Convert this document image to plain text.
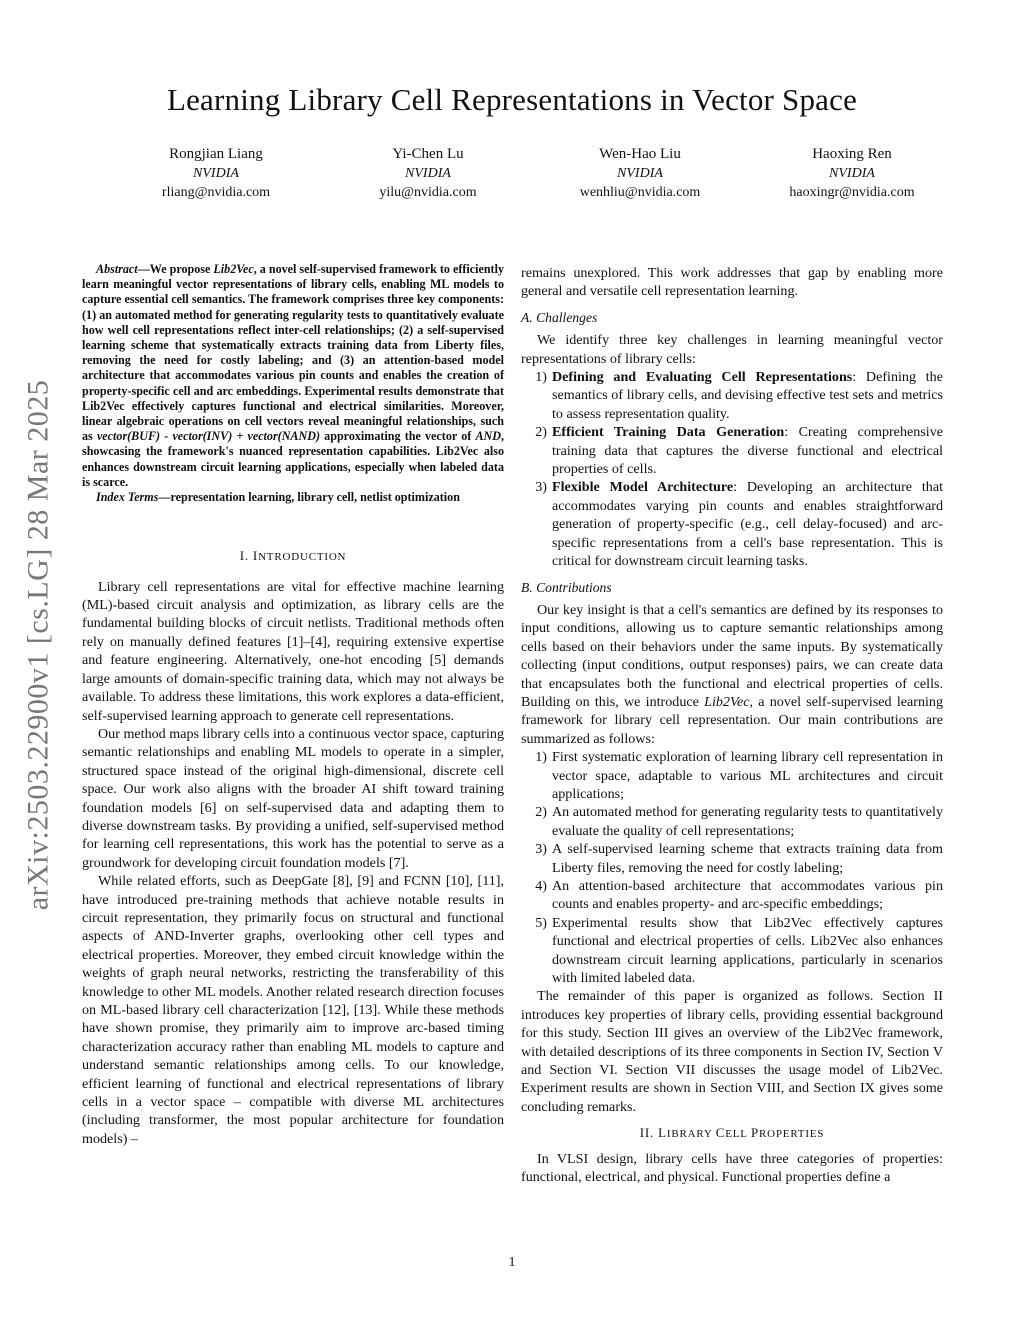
arXiv:2503.22900v1 [cs.LG] 28 Mar 2025
Learning Library Cell Representations in Vector Space
Rongjian Liang
NVIDIA
rliang@nvidia.com
Yi-Chen Lu
NVIDIA
yilu@nvidia.com
Wen-Hao Liu
NVIDIA
wenhliu@nvidia.com
Haoxing Ren
NVIDIA
haoxingr@nvidia.com

Abstract—We propose Lib2Vec, a novel self-supervised framework to efficiently learn meaningful vector representations of library cells, enabling ML models to capture essential cell semantics. The framework comprises three key components: (1) an automated method for generating regularity tests to quantitatively evaluate how well cell representations reflect inter-cell relationships; (2) a self-supervised learning scheme that systematically extracts training data from Liberty files, removing the need for costly labeling; and (3) an attention-based model architecture that accommodates various pin counts and enables the creation of property-specific cell and arc embeddings. Experimental results demonstrate that Lib2Vec effectively captures functional and electrical similarities. Moreover, linear algebraic operations on cell vectors reveal meaningful relationships, such as vector(BUF) - vector(INV) + vector(NAND) approximating the vector of AND, showcasing the framework's nuanced representation capabilities. Lib2Vec also enhances downstream circuit learning applications, especially when labeled data is scarce.

Index Terms—representation learning, library cell, netlist optimization

I. INTRODUCTION

Library cell representations are vital for effective machine learning (ML)-based circuit analysis and optimization, as library cells are the fundamental building blocks of circuit netlists. Traditional methods often rely on manually defined features [1]–[4], requiring extensive expertise and feature engineering. Alternatively, one-hot encoding [5] demands large amounts of domain-specific training data, which may not always be available. To address these limitations, this work explores a data-efficient, self-supervised learning approach to generate cell representations.

Our method maps library cells into a continuous vector space, capturing semantic relationships and enabling ML models to operate in a simpler, structured space instead of the original high-dimensional, discrete cell space. Our work also aligns with the broader AI shift toward training foundation models [6] on self-supervised data and adapting them to diverse downstream tasks. By providing a unified, self-supervised method for learning cell representations, this work has the potential to serve as a groundwork for developing circuit foundation models [7].

While related efforts, such as DeepGate [8], [9] and FCNN [10], [11], have introduced pre-training methods that achieve notable results in circuit representation, they primarily focus on structural and functional aspects of AND-Inverter graphs, overlooking other cell types and electrical properties. Moreover, they embed circuit knowledge within the weights of graph neural networks, restricting the transferability of this knowledge to other ML models. Another related research direction focuses on ML-based library cell characterization [12], [13]. While these methods have shown promise, they primarily aim to improve arc-based timing characterization accuracy rather than enabling ML models to capture and understand semantic relationships among cells. To our knowledge, efficient learning of functional and electrical representations of library cells in a vector space – compatible with diverse ML architectures (including transformer, the most popular architecture for foundation models) –

remains unexplored. This work addresses that gap by enabling more general and versatile cell representation learning.

A. Challenges

We identify three key challenges in learning meaningful vector representations of library cells:

1) Defining and Evaluating Cell Representations: Defining the semantics of library cells, and devising effective test sets and metrics to assess representation quality.
2) Efficient Training Data Generation: Creating comprehensive training data that captures the diverse functional and electrical properties of cells.
3) Flexible Model Architecture: Developing an architecture that accommodates varying pin counts and enables straightforward generation of property-specific (e.g., cell delay-focused) and arc-specific representations from a cell's base representation. This is critical for downstream circuit learning tasks.

B. Contributions

Our key insight is that a cell's semantics are defined by its responses to input conditions, allowing us to capture semantic relationships among cells based on their behaviors under the same inputs. By systematically collecting (input conditions, output responses) pairs, we can create data that encapsulates both the functional and electrical properties of cells. Building on this, we introduce Lib2Vec, a novel self-supervised learning framework for library cell representation. Our main contributions are summarized as follows:

1) First systematic exploration of learning library cell representation in vector space, adaptable to various ML architectures and circuit applications;
2) An automated method for generating regularity tests to quantitatively evaluate the quality of cell representations;
3) A self-supervised learning scheme that extracts training data from Liberty files, removing the need for costly labeling;
4) An attention-based architecture that accommodates various pin counts and enables property- and arc-specific embeddings;
5) Experimental results show that Lib2Vec effectively captures functional and electrical properties of cells. Lib2Vec also enhances downstream circuit learning applications, particularly in scenarios with limited labeled data.

The remainder of this paper is organized as follows. Section II introduces key properties of library cells, providing essential background for this study. Section III gives an overview of the Lib2Vec framework, with detailed descriptions of its three components in Section IV, Section V and Section VI. Section VII discusses the usage model of Lib2Vec. Experiment results are shown in Section VIII, and Section IX gives some concluding remarks.

II. LIBRARY CELL PROPERTIES

In VLSI design, library cells have three categories of properties: functional, electrical, and physical. Functional properties define a

1
